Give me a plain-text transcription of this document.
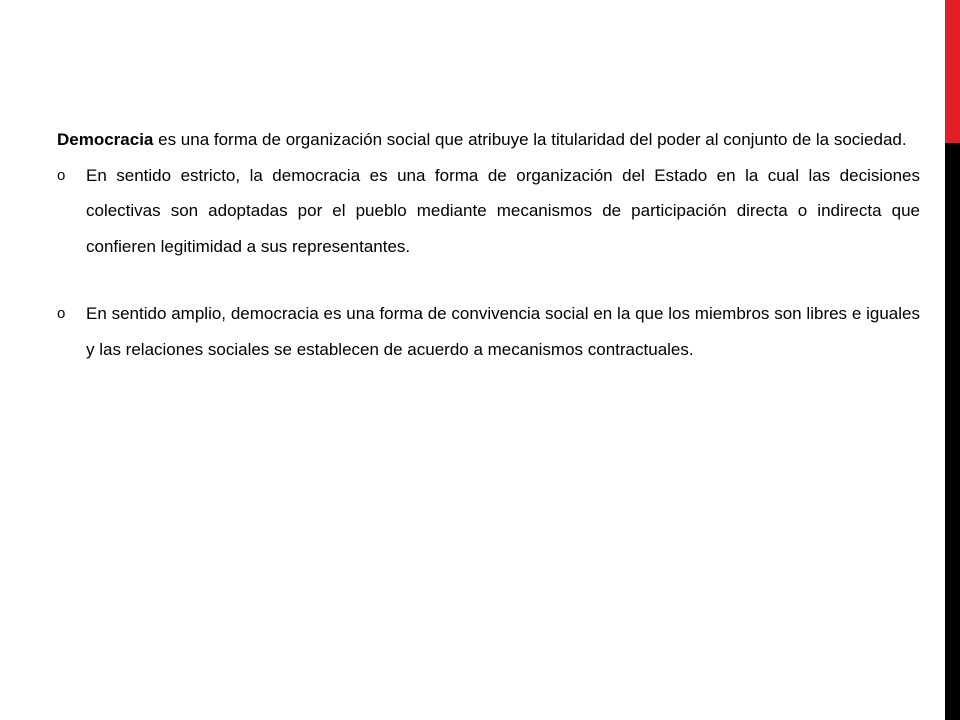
Democracia es una forma de organización social que atribuye la titularidad del poder al conjunto de la sociedad.

o En sentido estricto, la democracia es una forma de organización del Estado en la cual las decisiones colectivas son adoptadas por el pueblo mediante mecanismos de participación directa o indirecta que confieren legitimidad a sus representantes.

o En sentido amplio, democracia es una forma de convivencia social en la que los miembros son libres e iguales y las relaciones sociales se establecen de acuerdo a mecanismos contractuales.
